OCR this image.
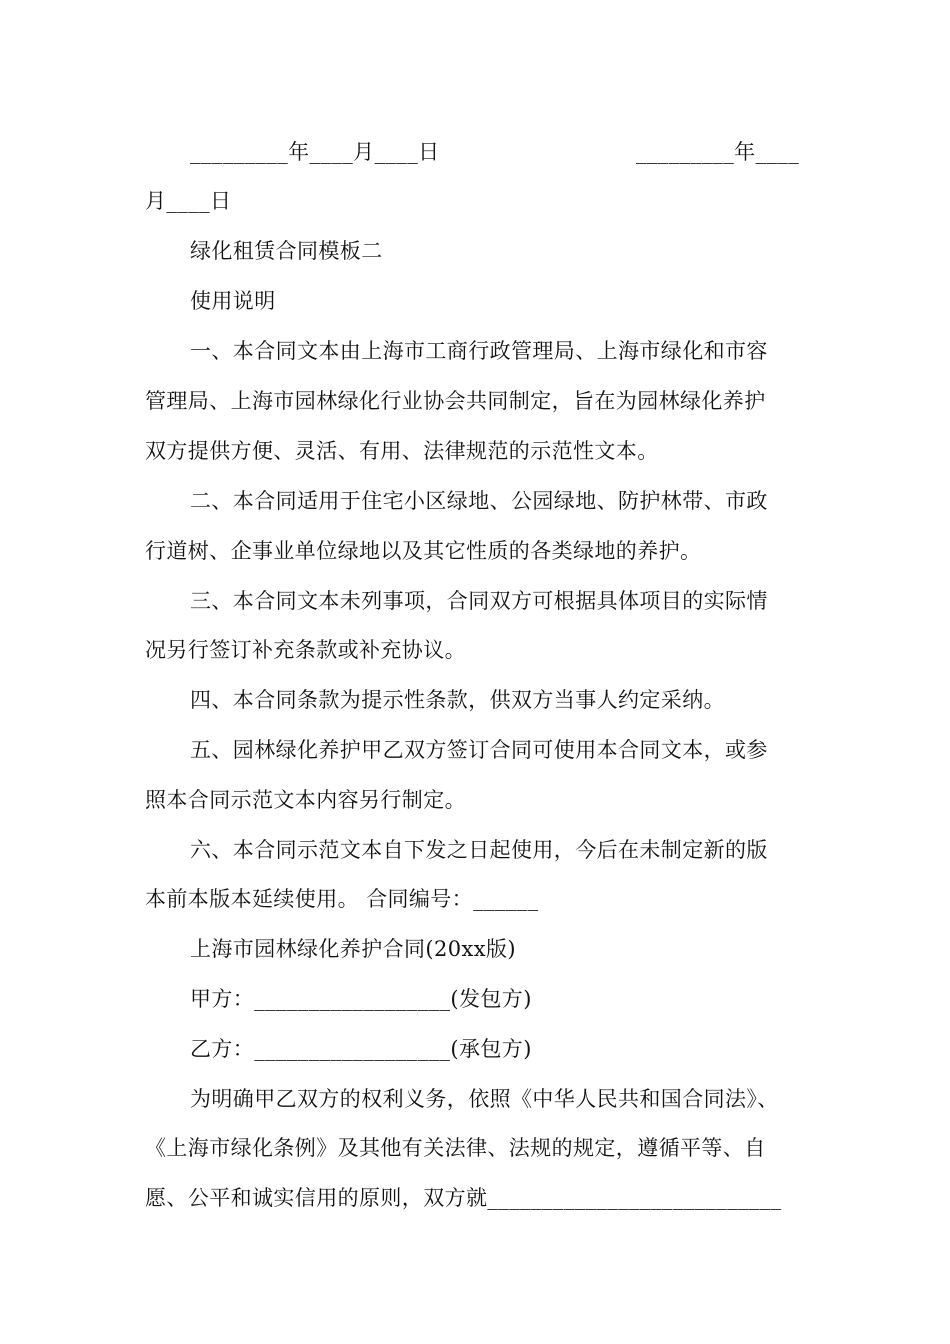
_________年____月____日	_________年____
月____日
绿化租赁合同模板二
使用说明
一、本合同文本由上海市工商行政管理局、上海市绿化和市容
管理局、上海市园林绿化行业协会共同制定，旨在为园林绿化养护
双方提供方便、灵活、有用、法律规范的示范性文本。
二、本合同适用于住宅小区绿地、公园绿地、防护林带、市政
行道树、企事业单位绿地以及其它性质的各类绿地的养护。
三、本合同文本未列事项，合同双方可根据具体项目的实际情
况另行签订补充条款或补充协议。
四、本合同条款为提示性条款，供双方当事人约定采纳。
五、园林绿化养护甲乙双方签订合同可使用本合同文本，或参
照本合同示范文本内容另行制定。
六、本合同示范文本自下发之日起使用，今后在未制定新的版
本前本版本延续使用。 合同编号：______
上海市园林绿化养护合同(20xx版)
甲方：__________________(发包方)
乙方：__________________(承包方)
为明确甲乙双方的权利义务，依照《中华人民共和国合同法》、
《上海市绿化条例》及其他有关法律、法规的规定，遵循平等、自
愿、公平和诚实信用的原则，双方就___________________________
